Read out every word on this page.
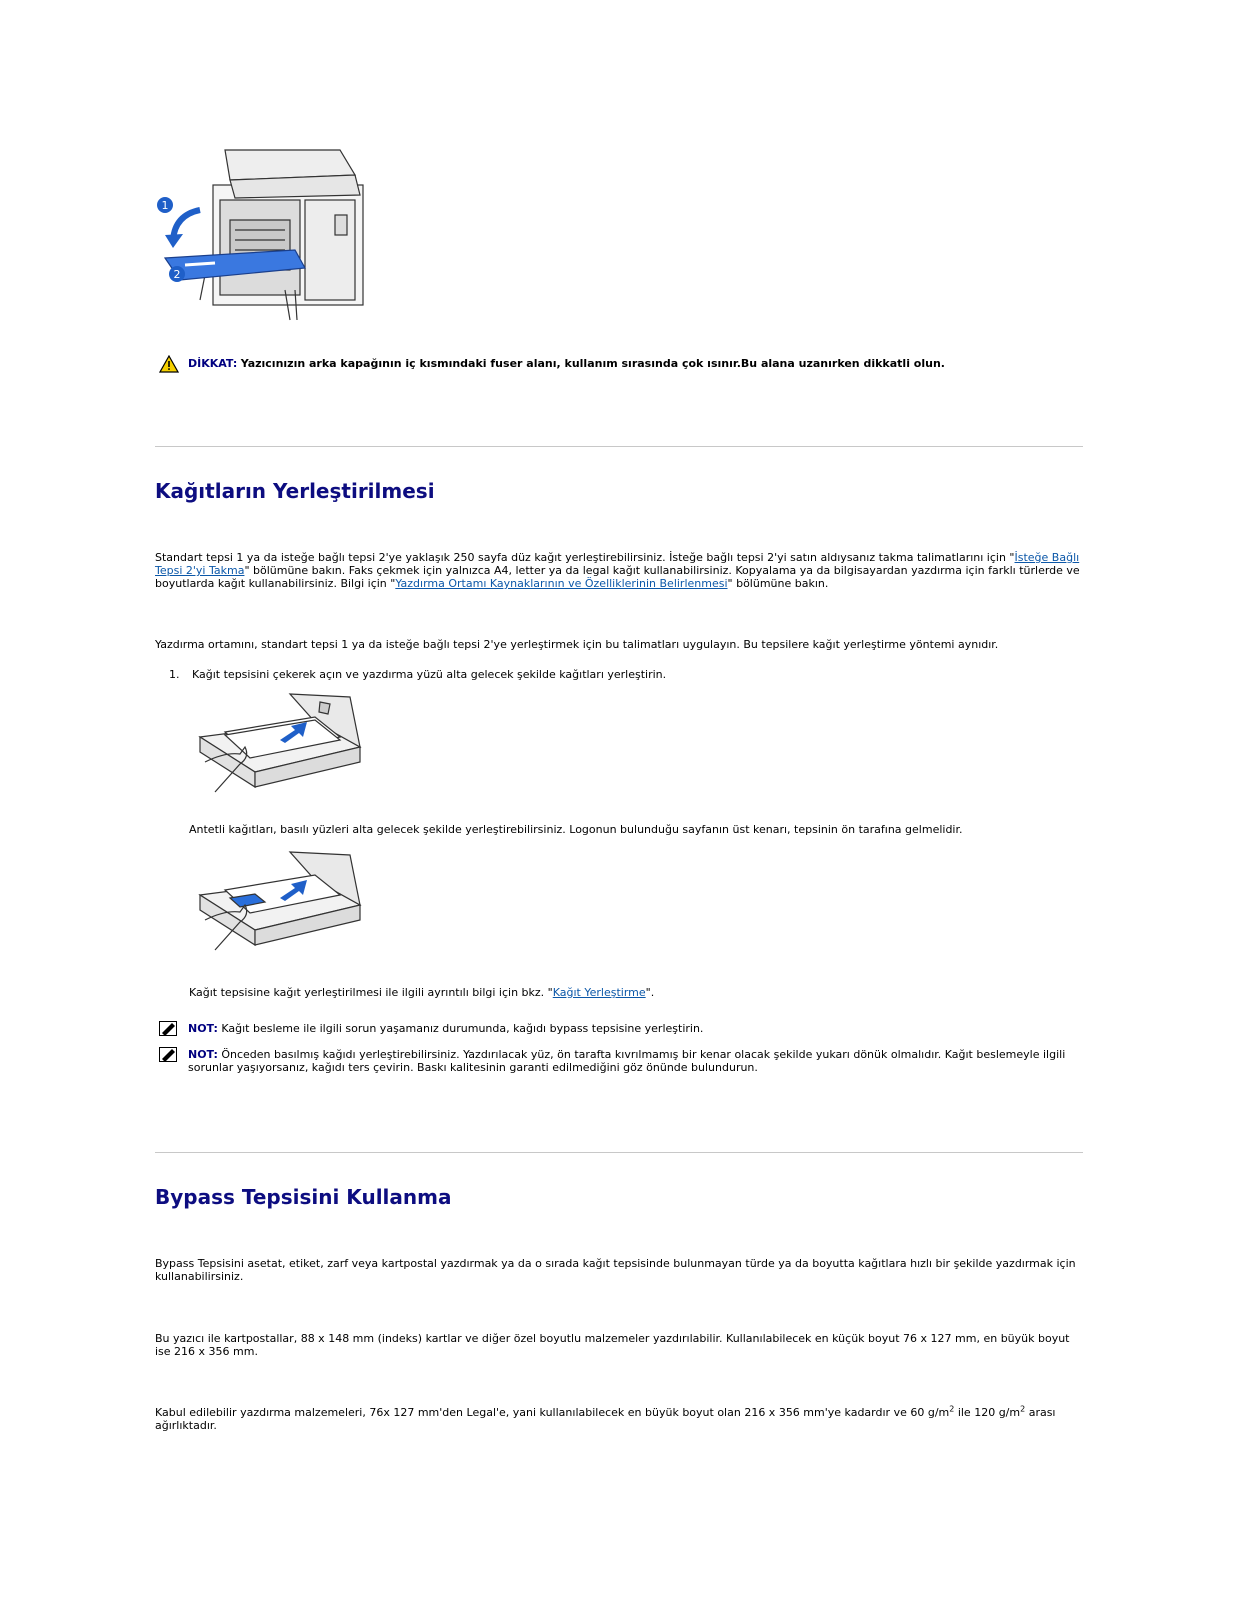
1
2
DİKKAT: Yazıcınızın arka kapağının iç kısmındaki fuser alanı, kullanım sırasında çok ısınır.Bu alana uzanırken dikkatli olun.
Kağıtların Yerleştirilmesi
Standart tepsi 1 ya da isteğe bağlı tepsi 2'ye yaklaşık 250 sayfa düz kağıt yerleştirebilirsiniz. İsteğe bağlı tepsi 2'yi satın aldıysanız takma talimatlarını için "İsteğe Bağlı Tepsi 2'yi Takma" bölümüne bakın. Faks çekmek için yalnızca A4, letter ya da legal kağıt kullanabilirsiniz. Kopyalama ya da bilgisayardan yazdırma için farklı türlerde ve boyutlarda kağıt kullanabilirsiniz. Bilgi için "Yazdırma Ortamı Kaynaklarının ve Özelliklerinin Belirlenmesi" bölümüne bakın.
Yazdırma ortamını, standart tepsi 1 ya da isteğe bağlı tepsi 2'ye yerleştirmek için bu talimatları uygulayın. Bu tepsilere kağıt yerleştirme yöntemi aynıdır.
1. Kağıt tepsisini çekerek açın ve yazdırma yüzü alta gelecek şekilde kağıtları yerleştirin.
Antetli kağıtları, basılı yüzleri alta gelecek şekilde yerleştirebilirsiniz. Logonun bulunduğu sayfanın üst kenarı, tepsinin ön tarafına gelmelidir.
Kağıt tepsisine kağıt yerleştirilmesi ile ilgili ayrıntılı bilgi için bkz. "Kağıt Yerleştirme".
NOT: Kağıt besleme ile ilgili sorun yaşamanız durumunda, kağıdı bypass tepsisine yerleştirin.
NOT: Önceden basılmış kağıdı yerleştirebilirsiniz. Yazdırılacak yüz, ön tarafta kıvrılmamış bir kenar olacak şekilde yukarı dönük olmalıdır. Kağıt beslemeyle ilgili sorunlar yaşıyorsanız, kağıdı ters çevirin. Baskı kalitesinin garanti edilmediğini göz önünde bulundurun.
Bypass Tepsisini Kullanma
Bypass Tepsisini asetat, etiket, zarf veya kartpostal yazdırmak ya da o sırada kağıt tepsisinde bulunmayan türde ya da boyutta kağıtlara hızlı bir şekilde yazdırmak için kullanabilirsiniz.
Bu yazıcı ile kartpostallar, 88 x 148 mm (indeks) kartlar ve diğer özel boyutlu malzemeler yazdırılabilir. Kullanılabilecek en küçük boyut 76 x 127 mm, en büyük boyut ise 216 x 356 mm.
Kabul edilebilir yazdırma malzemeleri, 76x 127 mm'den Legal'e, yani kullanılabilecek en büyük boyut olan 216 x 356 mm'ye kadardır ve 60 $g/m^2$ ile 120 $g/m^2$ arası ağırlıktadır.
